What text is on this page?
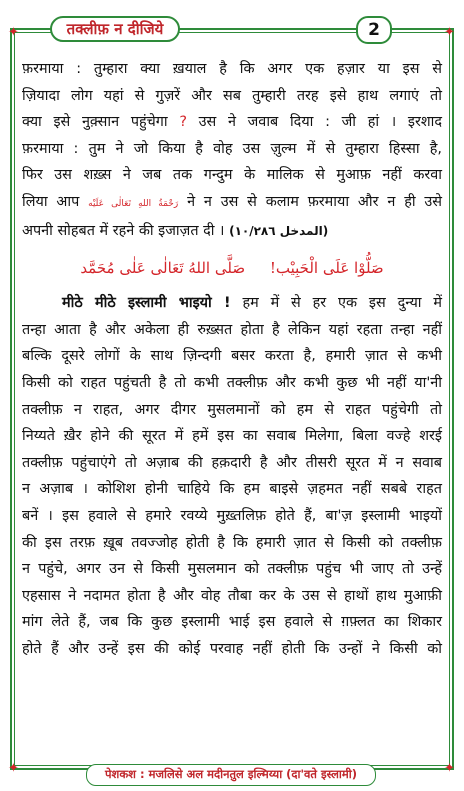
✦	✦
✦	✦
तक्लीफ़ न दीजिये	2

फ़रमाया : तुम्हारा क्या ख़याल है कि अगर एक हज़ार या इस से

ज़ियादा लोग यहां से गुज़रें और सब तुम्हारी तरह इसे हाथ लगाएं तो

क्या इसे नुक़्सान पहुंचेगा ? उस ने जवाब दिया : जी हां । इरशाद

फ़रमाया : तुम ने जो किया है वोह उस ज़ुल्म में से तुम्हारा हिस्सा है,

फिर उस शख़्स ने जब तक गन्दुम के मालिक से मुआफ़ नहीं करवा

लिया आप رَحْمَةُ اللهِ تَعَالٰی عَلَيْه ने न उस से कलाम फ़रमाया और न ही उसे

अपनी सोहबत में रहने की इजाज़त दी । (المدخل ١٠/٢٨٦)

صَلُّوْا عَلَى الْحَبِيْب! صَلَّى اللهُ تَعَالٰى عَلٰى مُحَمَّد

मीठे मीठे इस्लामी भाइयो ! हम में से हर एक इस दुन्या में

तन्हा आता है और अकेला ही रुख़्सत होता है लेकिन यहां रहता तन्हा नहीं

बल्कि दूसरे लोगों के साथ ज़िन्दगी बसर करता है, हमारी ज़ात से कभी

किसी को राहत पहुंचती है तो कभी तक्लीफ़ और कभी कुछ भी नहीं या'नी

तक्लीफ़ न राहत, अगर दीगर मुसलमानों को हम से राहत पहुंचेगी तो

निय्यते ख़ैर होने की सूरत में हमें इस का सवाब मिलेगा, बिला वज्हे शरई

तक्लीफ़ पहुंचाएंगे तो अज़ाब की हक़दारी है और तीसरी सूरत में न सवाब

न अज़ाब । कोशिश होनी चाहिये कि हम बाइसे ज़हमत नहीं सबबे राहत

बनें । इस हवाले से हमारे रवय्ये मुख़्तलिफ़ होते हैं, बा'ज़ इस्लामी भाइयों

की इस तरफ़ ख़ूब तवज्जोह होती है कि हमारी ज़ात से किसी को तक्लीफ़

न पहुंचे, अगर उन से किसी मुसलमान को तक्लीफ़ पहुंच भी जाए तो उन्हें

एहसास ने नदामत होता है और वोह तौबा कर के उस से हाथों हाथ मुआफ़ी

मांग लेते हैं, जब कि कुछ इस्लामी भाई इस हवाले से ग़फ़्लत का शिकार

होते हैं और उन्हें इस की कोई परवाह नहीं होती कि उन्हों ने किसी को

पेशकश : मजलिसे अल मदीनतुल इल्मिय्या (दा'वते इस्लामी)
